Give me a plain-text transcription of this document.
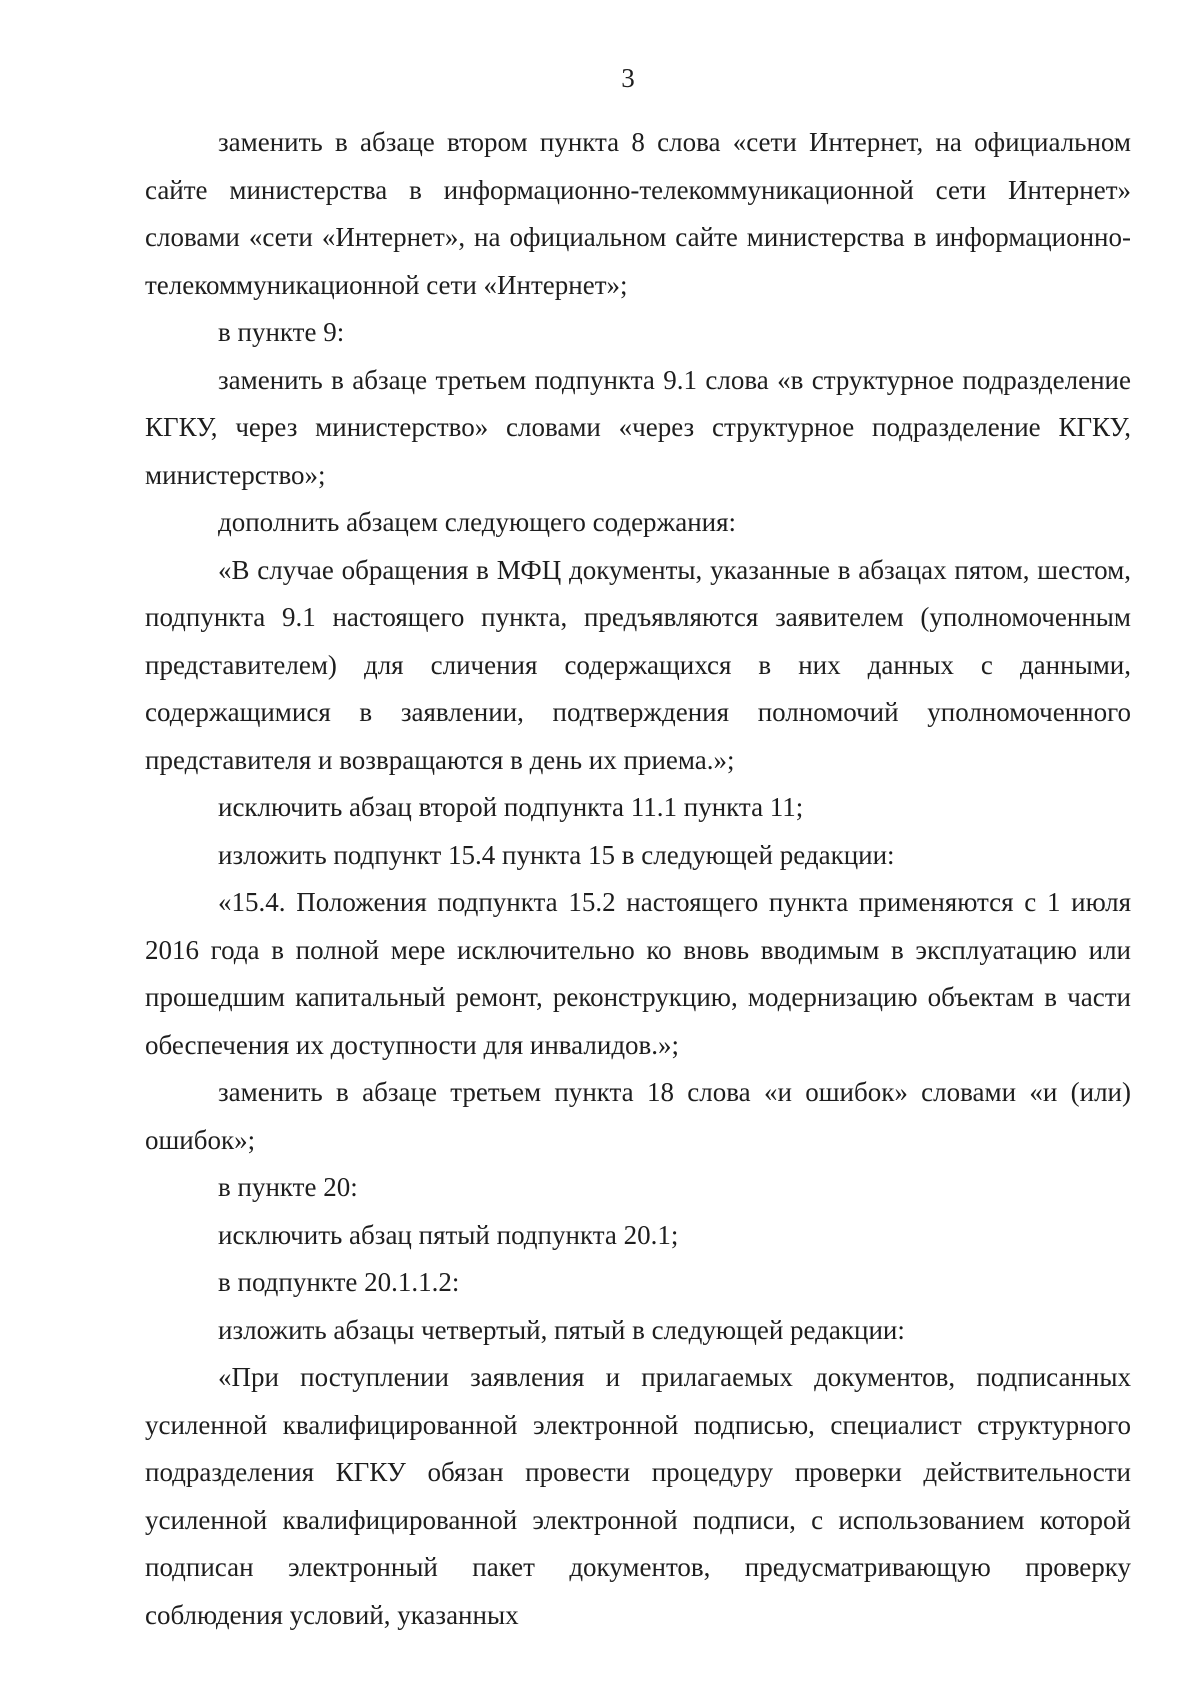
3

заменить в абзаце втором пункта 8 слова «сети Интернет, на официальном сайте министерства в информационно-телекоммуникационной сети Интернет» словами «сети «Интернет», на официальном сайте министерства в информационно-телекоммуникационной сети «Интернет»;

в пункте 9:

заменить в абзаце третьем подпункта 9.1 слова «в структурное подразделение КГКУ, через министерство» словами «через структурное подразделение КГКУ, министерство»;

дополнить абзацем следующего содержания:

«В случае обращения в МФЦ документы, указанные в абзацах пятом, шестом, подпункта 9.1 настоящего пункта, предъявляются заявителем (уполномоченным представителем) для сличения содержащихся в них данных с данными, содержащимися в заявлении, подтверждения полномочий уполномоченного представителя и возвращаются в день их приема.»;

исключить абзац второй подпункта 11.1 пункта 11;

изложить подпункт 15.4 пункта 15 в следующей редакции:

«15.4. Положения подпункта 15.2 настоящего пункта применяются с 1 июля 2016 года в полной мере исключительно ко вновь вводимым в эксплуатацию или прошедшим капитальный ремонт, реконструкцию, модернизацию объектам в части обеспечения их доступности для инвалидов.»;

заменить в абзаце третьем пункта 18 слова «и ошибок» словами «и (или) ошибок»;

в пункте 20:

исключить абзац пятый подпункта 20.1;

в подпункте 20.1.1.2:

изложить абзацы четвертый, пятый в следующей редакции:

«При поступлении заявления и прилагаемых документов, подписанных усиленной квалифицированной электронной подписью, специалист структурного подразделения КГКУ обязан провести процедуру проверки действительности усиленной квалифицированной электронной подписи, с использованием которой подписан электронный пакет документов, предусматривающую проверку соблюдения условий, указанных
